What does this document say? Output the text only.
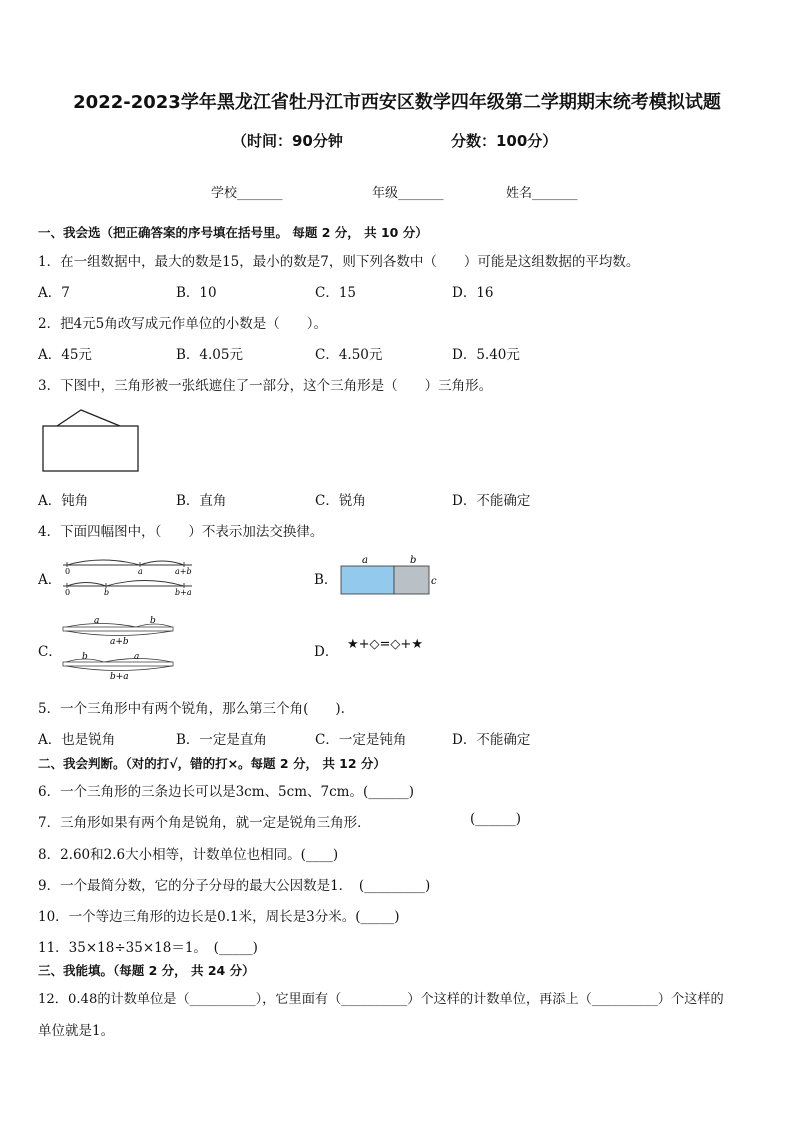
2022-2023学年黑龙江省牡丹江市西安区数学四年级第二学期期末统考模拟试题
（时间：90分钟	分数：100分）
学校_______	年级_______	姓名_______
一、我会选（把正确答案的序号填在括号里。 每题 2 分， 共 10 分）
1．在一组数据中，最大的数是15，最小的数是7，则下列各数中（　　）可能是这组数据的平均数。
A．7	B．10	C．15	D．16
2．把4元5角改写成元作单位的小数是（　　）。
A．45元	B．4.05元	C．4.50元	D．5.40元
3．下图中，三角形被一张纸遮住了一部分，这个三角形是（　　）三角形。
A．钝角	B．直角	C．锐角	D．不能确定
4．下面四幅图中，（　　）不表示加法交换律。
A．
0	a	a+b
0	b	b+a
B．
a	b
c
C．
a	b
a+b
b	a
b+a
D． ★+◇=◇+★
5．一个三角形中有两个锐角，那么第三个角(　　).
A．也是锐角	B．一定是直角	C．一定是钝角	D．不能确定
二、我会判断。（对的打√，错的打×。每题 2 分， 共 12 分）
6．一个三角形的三条边长可以是3cm、5cm、7cm。(______)
7．三角形如果有两个角是锐角，就一定是锐角三角形．	(______)
8．2.60和2.6大小相等，计数单位也相同。(____)
9．一个最简分数，它的分子分母的最大公因数是1．　(_________)
10．一个等边三角形的边长是0.1米，周长是3分米。(_____)
11．35×18÷35×18＝1。　(_____)
三、我能填。（每题 2 分， 共 24 分）
12．0.48的计数单位是（__________），它里面有（__________）个这样的计数单位，再添上（__________）个这样的
单位就是1。
